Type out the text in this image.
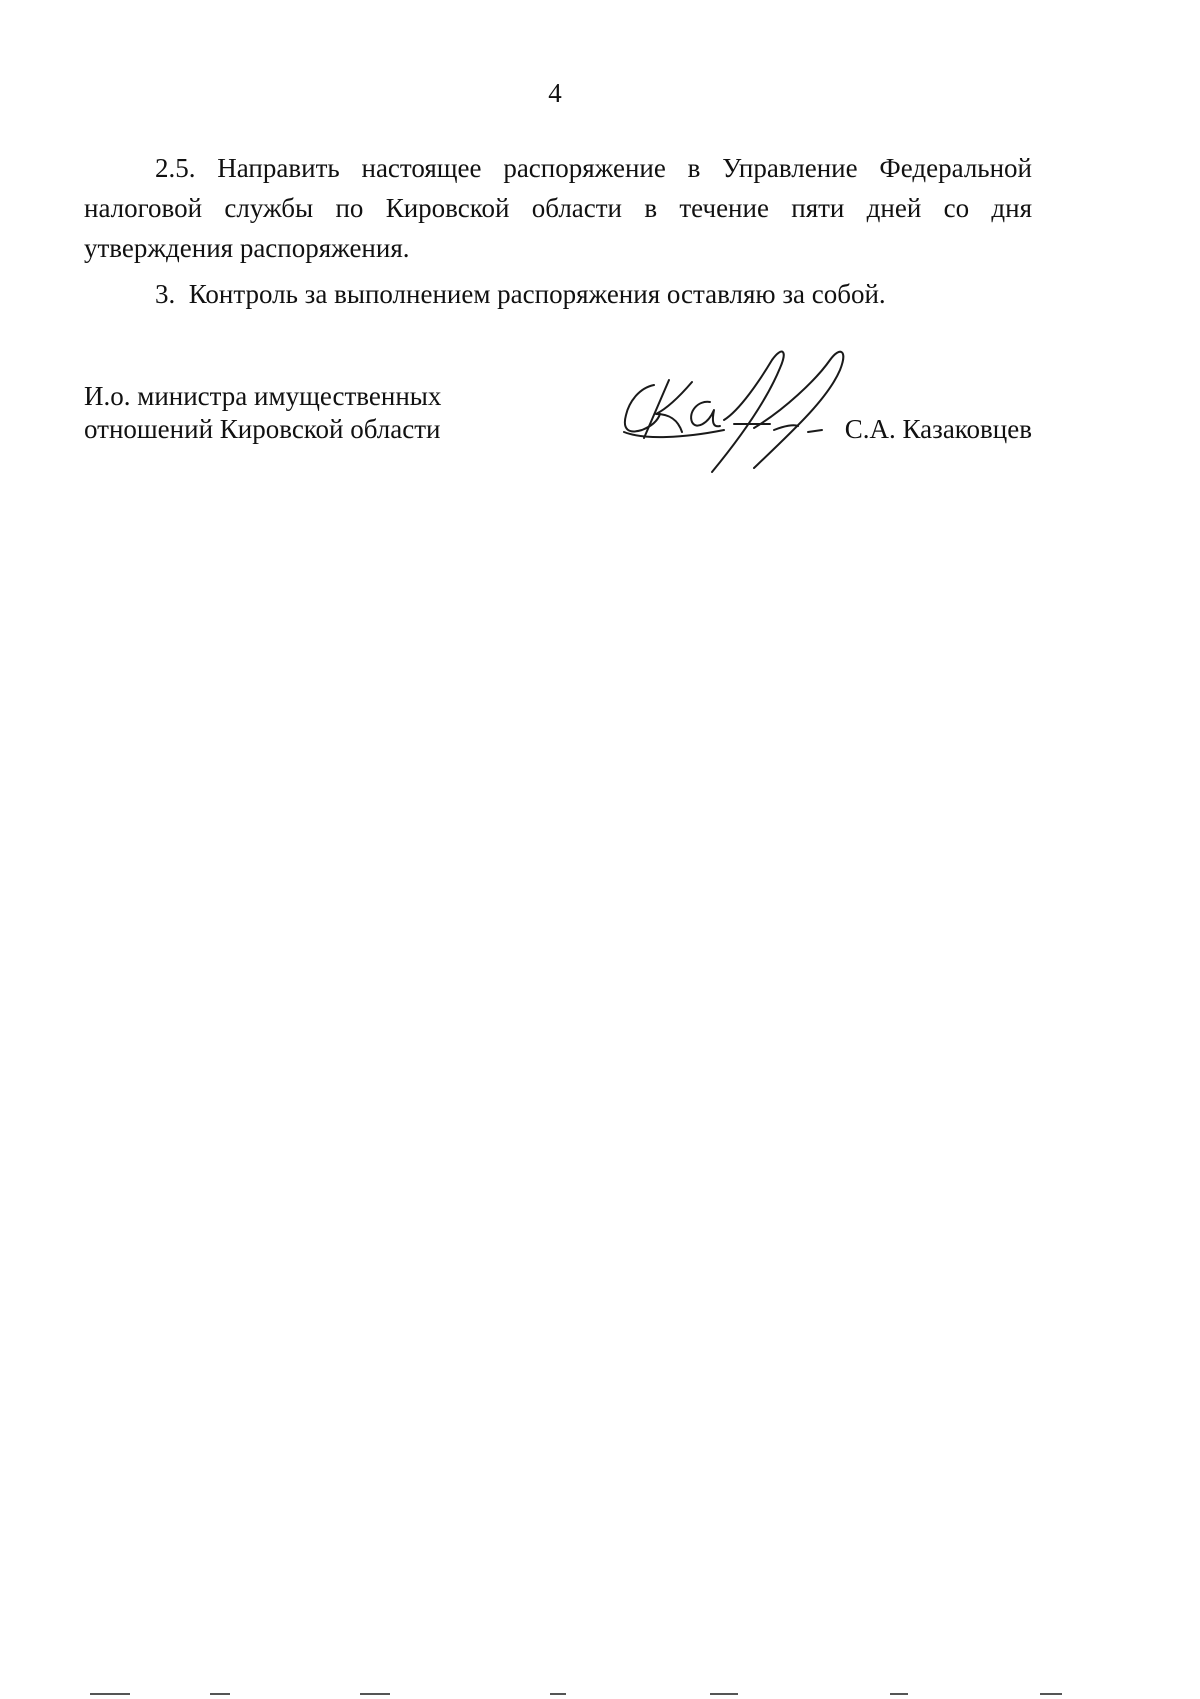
4

2.5. Направить настоящее распоряжение в Управление Федеральной налоговой службы по Кировской области в течение пяти дней со дня утверждения распоряжения.

3.  Контроль за выполнением распоряжения оставляю за собой.

И.о. министра имущественных
отношений Кировской области	С.А. Казаковцев
